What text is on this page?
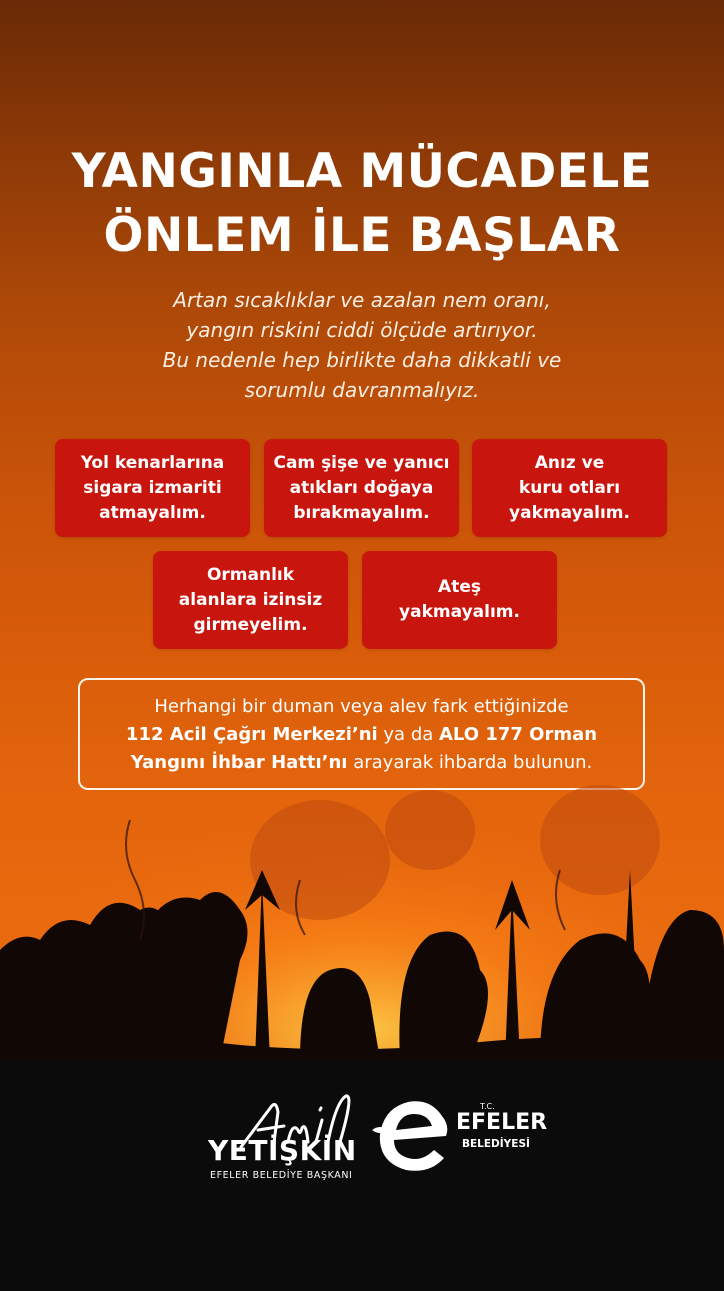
YANGINLA MÜCADELE
ÖNLEM İLE BAŞLAR
Artan sıcaklıklar ve azalan nem oranı,
yangın riskini ciddi ölçüde artırıyor.
Bu nedenle hep birlikte daha dikkatli ve
sorumlu davranmalıyız.
Yol kenarlarına
sigara izmariti
atmayalım.
Cam şişe ve yanıcı
atıkları doğaya
bırakmayalım.
Anız ve
kuru otları
yakmayalım.
Ormanlık
alanlara izinsiz
girmeyelim.
Ateş
yakmayalım.
Herhangi bir duman veya alev fark ettiğinizde
112 Acil Çağrı Merkezi’ni ya da ALO 177 Orman
YETİŞKİN
EFELER BELEDİYE BAŞKANI
T.C.
EFELER
BELEDİYESİ
